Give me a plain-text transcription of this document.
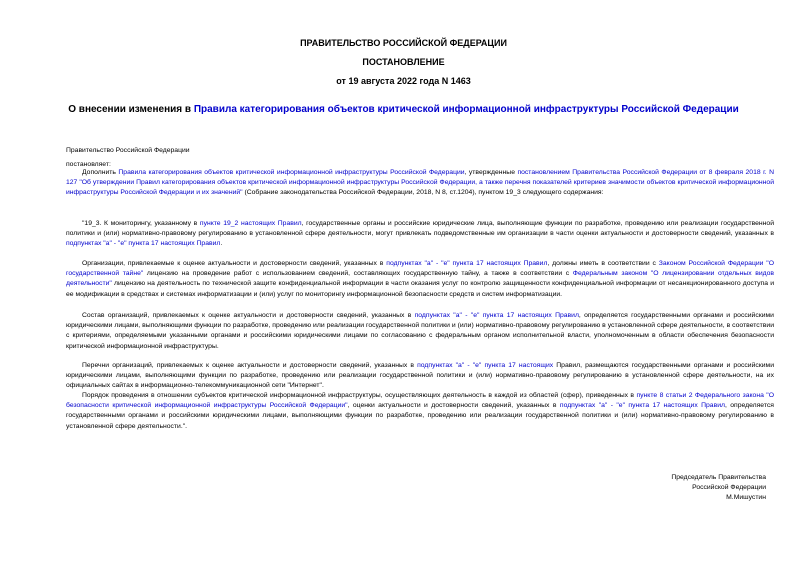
ПРАВИТЕЛЬСТВО РОССИЙСКОЙ ФЕДЕРАЦИИ
ПОСТАНОВЛЕНИЕ
от 19 августа 2022 года N 1463
О внесении изменения в Правила категорирования объектов критической информационной инфраструктуры Российской Федерации
Правительство Российской Федерации
постановляет:
Дополнить Правила категорирования объектов критической информационной инфраструктуры Российской Федерации, утвержденные постановлением Правительства Российской Федерации от 8 февраля 2018 г. N 127 "Об утверждении Правил категорирования объектов критической информационной инфраструктуры Российской Федерации, а также перечня показателей критериев значимости объектов критической информационной инфраструктуры Российской Федерации и их значений" (Собрание законодательства Российской Федерации, 2018, N 8, ст.1204), пунктом 19_3 следующего содержания:
"19_3. К мониторингу, указанному в пункте 19_2 настоящих Правил, государственные органы и российские юридические лица, выполняющие функции по разработке, проведению или реализации государственной политики и (или) нормативно-правовому регулированию в установленной сфере деятельности, могут привлекать подведомственные им организации в части оценки актуальности и достоверности сведений, указанных в подпунктах "а" - "е" пункта 17 настоящих Правил.
Организации, привлекаемые к оценке актуальности и достоверности сведений, указанных в подпунктах "а" - "е" пункта 17 настоящих Правил, должны иметь в соответствии с Законом Российской Федерации "О государственной тайне" лицензию на проведение работ с использованием сведений, составляющих государственную тайну, а также в соответствии с Федеральным законом "О лицензировании отдельных видов деятельности" лицензию на деятельность по технической защите конфиденциальной информации в части оказания услуг по контролю защищенности конфиденциальной информации от несанкционированного доступа и ее модификации в средствах и системах информатизации и (или) услуг по мониторингу информационной безопасности средств и систем информатизации.
Состав организаций, привлекаемых к оценке актуальности и достоверности сведений, указанных в подпунктах "а" - "е" пункта 17 настоящих Правил, определяется государственными органами и российскими юридическими лицами, выполняющими функции по разработке, проведению или реализации государственной политики и (или) нормативно-правовому регулированию в установленной сфере деятельности, в соответствии с критериями, определяемыми указанными органами и российскими юридическими лицами по согласованию с федеральным органом исполнительной власти, уполномоченным в области обеспечения безопасности критической информационной инфраструктуры.
Перечни организаций, привлекаемых к оценке актуальности и достоверности сведений, указанных в подпунктах "а" - "е" пункта 17 настоящих Правил, размещаются государственными органами и российскими юридическими лицами, выполняющими функции по разработке, проведению или реализации государственной политики и (или) нормативно-правовому регулированию в установленной сфере деятельности, на их официальных сайтах в информационно-телекоммуникационной сети "Интернет".
Порядок проведения в отношении субъектов критической информационной инфраструктуры, осуществляющих деятельность в каждой из областей (сфер), приведенных в пункте 8 статьи 2 Федерального закона "О безопасности критической информационной инфраструктуры Российской Федерации", оценки актуальности и достоверности сведений, указанных в подпунктах "а" - "е" пункта 17 настоящих Правил, определяется государственными органами и российскими юридическими лицами, выполняющими функции по разработке, проведению или реализации государственной политики и (или) нормативно-правовому регулированию в установленной сфере деятельности.".
Председатель Правительства
Российской Федерации
М.Мишустин
